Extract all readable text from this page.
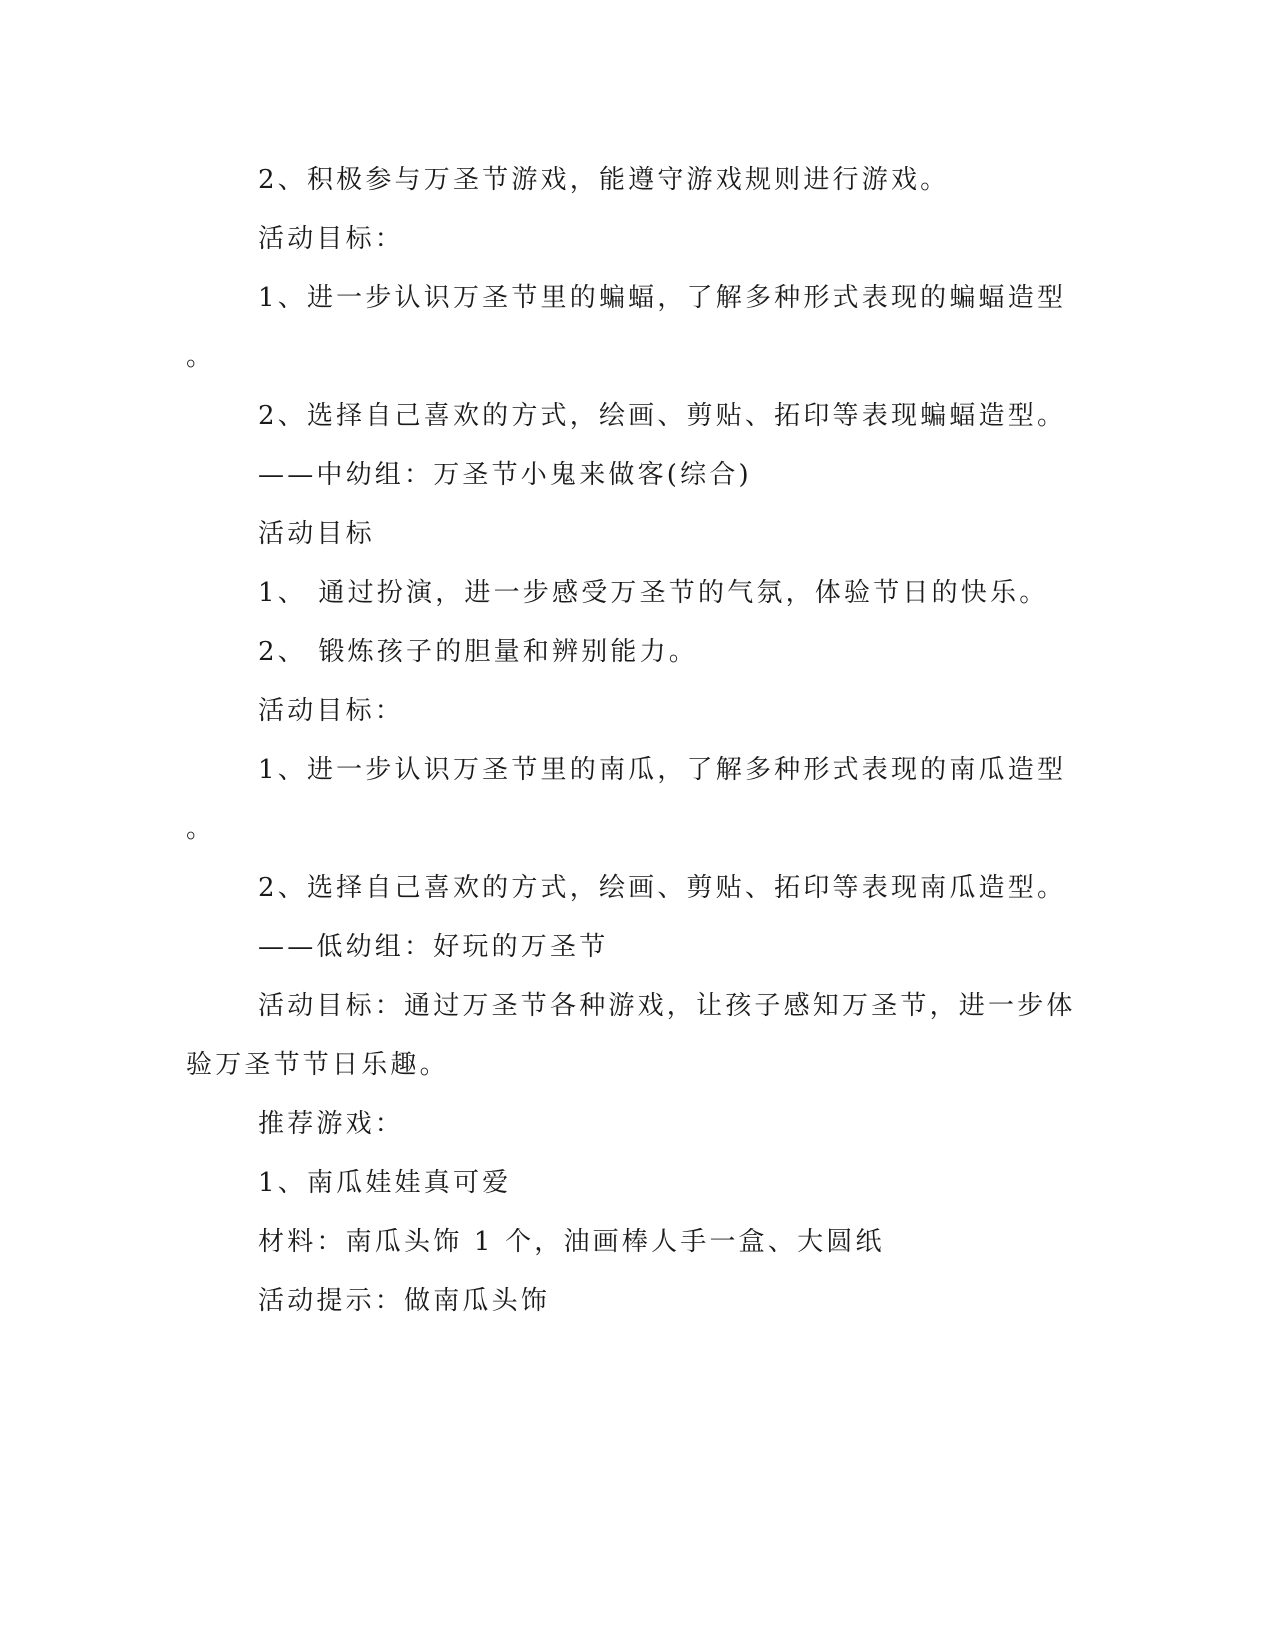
2、积极参与万圣节游戏，能遵守游戏规则进行游戏。

活动目标：

1、进一步认识万圣节里的蝙蝠，了解多种形式表现的蝙蝠造型

。

2、选择自己喜欢的方式，绘画、剪贴、拓印等表现蝙蝠造型。

——中幼组：万圣节小鬼来做客(综合)

活动目标

1、 通过扮演，进一步感受万圣节的气氛，体验节日的快乐。

2、 锻炼孩子的胆量和辨别能力。

活动目标：

1、进一步认识万圣节里的南瓜，了解多种形式表现的南瓜造型

。

2、选择自己喜欢的方式，绘画、剪贴、拓印等表现南瓜造型。

——低幼组：好玩的万圣节

活动目标：通过万圣节各种游戏，让孩子感知万圣节，进一步体

验万圣节节日乐趣。

推荐游戏：

1、南瓜娃娃真可爱

材料：南瓜头饰 1 个，油画棒人手一盒、大圆纸

活动提示：做南瓜头饰
